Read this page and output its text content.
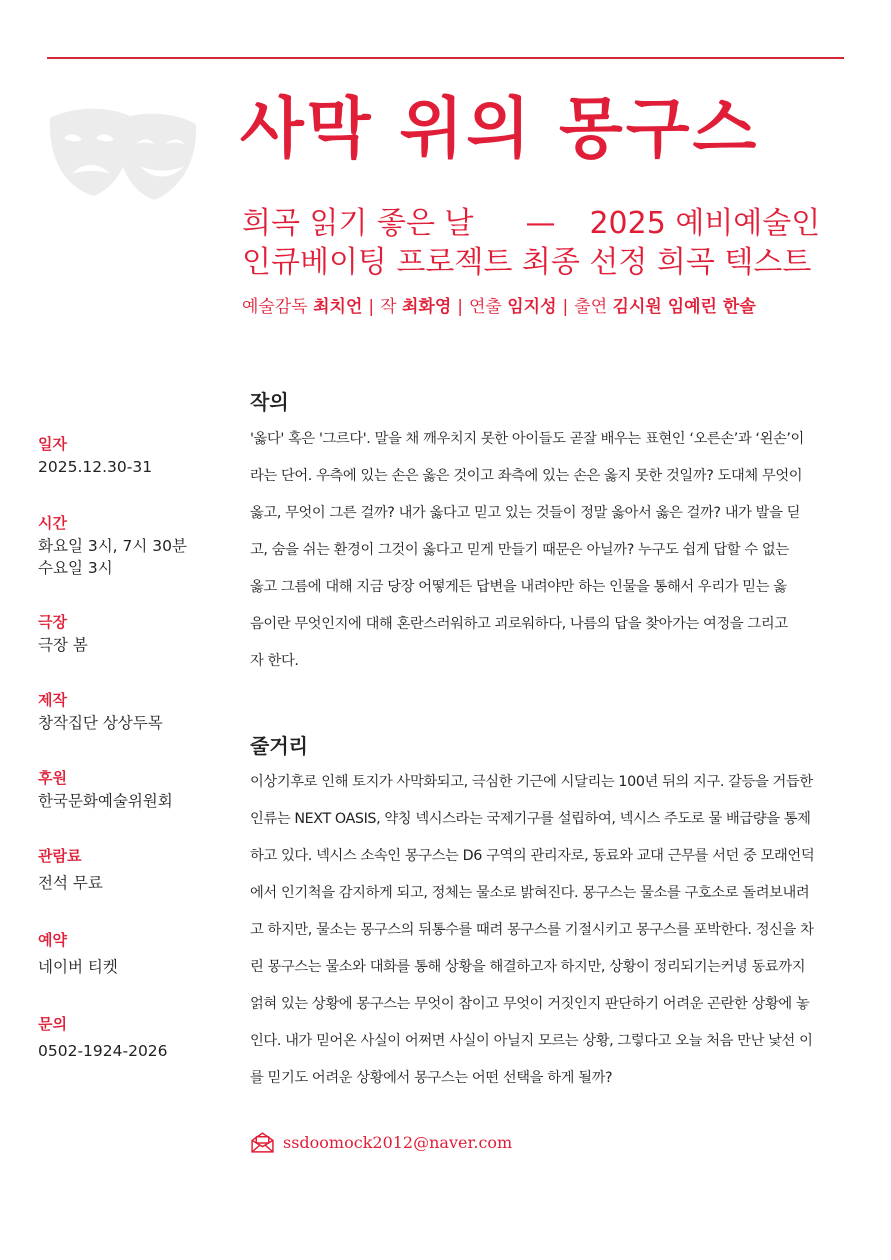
사막 위의 몽구스
희곡 읽기 좋은 날 — 2025 예비예술인
인큐베이팅 프로젝트 최종 선정 희곡 텍스트
예술감독 최치언 | 작 최화영 | 연출 임지성 | 출연 김시원 임예린 한솔
일자
2025.12.30-31
시간
화요일 3시, 7시 30분
수요일 3시
극장
극장 봄
제작
창작집단 상상두목
후원
한국문화예술위원회
관람료
전석 무료
예약
네이버 티켓
문의
0502-1924-2026
작의
'옳다' 혹은 '그르다'. 말을 채 깨우치지 못한 아이들도 곧잘 배우는 표현인 ‘오른손’과 ‘왼손’이
라는 단어. 우측에 있는 손은 옳은 것이고 좌측에 있는 손은 옳지 못한 것일까? 도대체 무엇이
옳고, 무엇이 그른 걸까? 내가 옳다고 믿고 있는 것들이 정말 옳아서 옳은 걸까? 내가 발을 딛
고, 숨을 쉬는 환경이 그것이 옳다고 믿게 만들기 때문은 아닐까? 누구도 쉽게 답할 수 없는
옳고 그름에 대해 지금 당장 어떻게든 답변을 내려야만 하는 인물을 통해서 우리가 믿는 옳
음이란 무엇인지에 대해 혼란스러워하고 괴로워하다, 나름의 답을 찾아가는 여정을 그리고
자 한다.
줄거리
이상기후로 인해 토지가 사막화되고, 극심한 기근에 시달리는 100년 뒤의 지구. 갈등을 거듭한
인류는 NEXT OASIS, 약칭 넥시스라는 국제기구를 설립하여, 넥시스 주도로 물 배급량을 통제
하고 있다. 넥시스 소속인 몽구스는 D6 구역의 관리자로, 동료와 교대 근무를 서던 중 모래언덕
에서 인기척을 감지하게 되고, 정체는 물소로 밝혀진다. 몽구스는 물소를 구호소로 돌려보내려
고 하지만, 물소는 몽구스의 뒤통수를 때려 몽구스를 기절시키고 몽구스를 포박한다. 정신을 차
린 몽구스는 물소와 대화를 통해 상황을 해결하고자 하지만, 상황이 정리되기는커녕 동료까지
얽혀 있는 상황에 몽구스는 무엇이 참이고 무엇이 거짓인지 판단하기 어려운 곤란한 상황에 놓
인다. 내가 믿어온 사실이 어쩌면 사실이 아닐지 모르는 상황, 그렇다고 오늘 처음 만난 낯선 이
를 믿기도 어려운 상황에서 몽구스는 어떤 선택을 하게 될까?
ssdoomock2012@naver.com
